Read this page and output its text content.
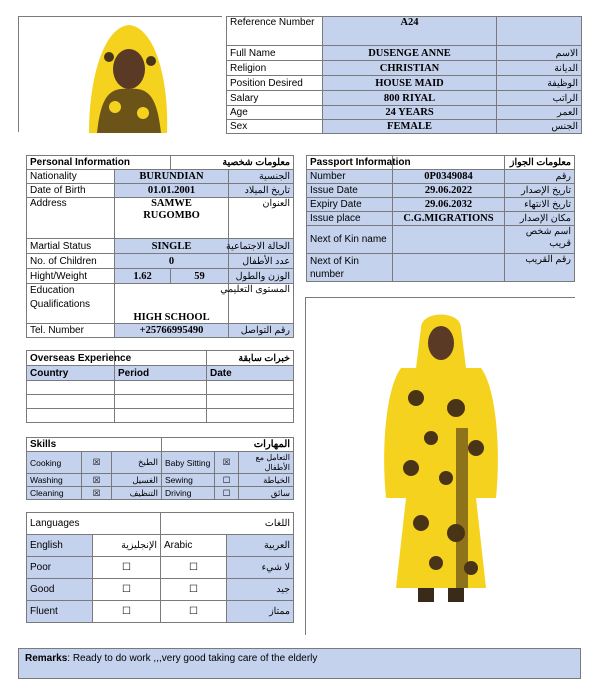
Reference Number	A24	
Full Name	DUSENGE ANNE	الاسم
Religion	CHRISTIAN	الديانة
Position Desired	HOUSE MAID	الوظيفة
Salary	800 RIYAL	الراتب
Age	24 YEARS	العمر
Sex	FEMALE	الجنس
Personal Information		معلومات شخصية	
Nationality	BURUNDIAN		الجنسية
Date of Birth	01.01.2001		تاريخ الميلاد
Address	SAMWE
RUGOMBO		العنوان
Martial Status	SINGLE		الحالة الاجتماعية
No. of Children	0		عدد الأطفال
Hight/Weight	1.62	59	الوزن والطول
Education Qualifications	HIGH SCHOOL		المستوى التعليمي
Tel. Number	+25766995490		رقم التواصل
Passport Information		معلومات الجواز
Number	0P0349084	رقم
Issue Date	29.06.2022	تاريخ الإصدار
Expiry Date	29.06.2032	تاريخ الانتهاء
Issue place	C.G.MIGRATIONS	مكان الإصدار
Next of Kin name		اسم شخص قريب
Next of Kin number		رقم القريب
Overseas Experience		خبرات سابقة
Country	Period	Date

Skills			المهارات		
Cooking	☒	الطبخ	Baby Sitting	☒	التعامل مع الأطفال
Washing	☒	الغسيل	Sewing	☐	الخياطة
Cleaning	☒	التنظيف	Driving	☐	سائق
Languages		اللغات	
English	الإنجليزية	Arabic	العربية
Poor	☐	☐	لا شيء
Good	☐	☐	جيد
Fluent	☐	☐	ممتاز
Remarks: Ready to do work ,,,very good taking care of the elderly
